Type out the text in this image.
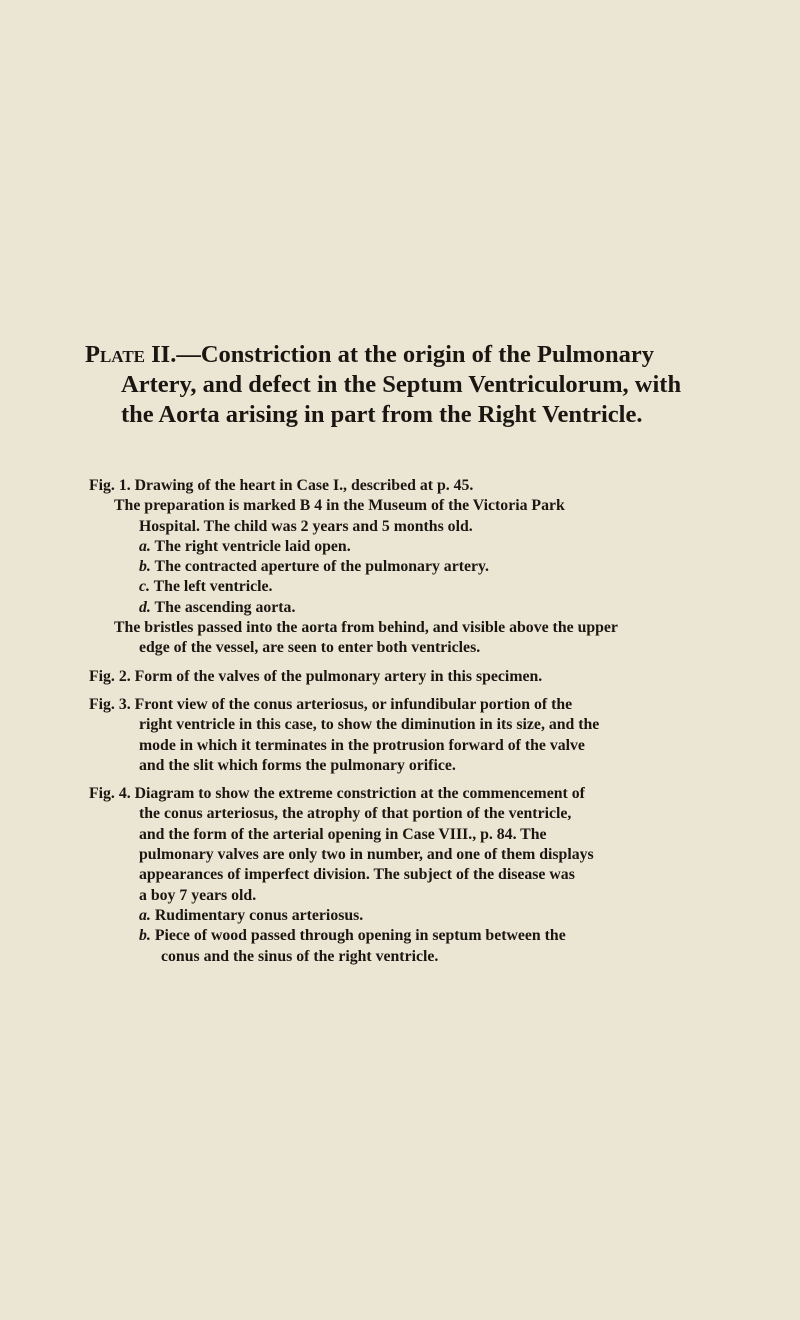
Plate II.—Constriction at the origin of the Pulmonary
Artery, and defect in the Septum Ventriculorum, with
the Aorta arising in part from the Right Ventricle.
Fig. 1. Drawing of the heart in Case I., described at p. 45.
The preparation is marked B 4 in the Museum of the Victoria Park
Hospital. The child was 2 years and 5 months old.
a. The right ventricle laid open.
b. The contracted aperture of the pulmonary artery.
c. The left ventricle.
d. The ascending aorta.
The bristles passed into the aorta from behind, and visible above the upper
edge of the vessel, are seen to enter both ventricles.
Fig. 2. Form of the valves of the pulmonary artery in this specimen.
Fig. 3. Front view of the conus arteriosus, or infundibular portion of the
right ventricle in this case, to show the diminution in its size, and the
mode in which it terminates in the protrusion forward of the valve
and the slit which forms the pulmonary orifice.
Fig. 4. Diagram to show the extreme constriction at the commencement of
the conus arteriosus, the atrophy of that portion of the ventricle,
and the form of the arterial opening in Case VIII., p. 84. The
pulmonary valves are only two in number, and one of them displays
appearances of imperfect division. The subject of the disease was
a boy 7 years old.
a. Rudimentary conus arteriosus.
b. Piece of wood passed through opening in septum between the
conus and the sinus of the right ventricle.
